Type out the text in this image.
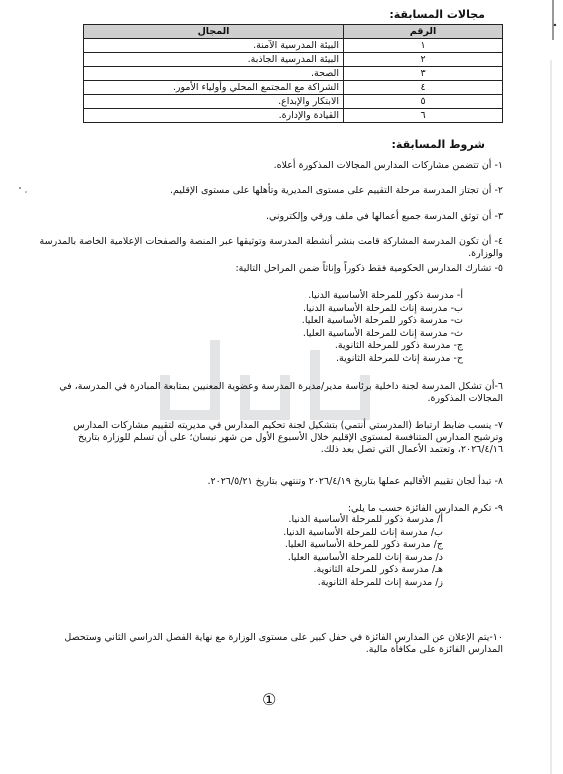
مجالات المسابقة:
الرقم	المجال
١	البيئة المدرسية الآمنة.
٢	البيئة المدرسية الجاذبة.
٣	الصحة.
٤	الشراكة مع المجتمع المحلي وأولياء الأمور.
٥	الابتكار والإبداع.
٦	القيادة والإدارة.
شروط المسابقة:
١- أن تتضمن مشاركات المدارس المجالات المذكورة أعلاه.
٢- أن تجتاز المدرسة مرحلة التقييم على مستوى المديرية وتأهلها على مستوى الإقليم.
٣- أن توثق المدرسة جميع أعمالها في ملف ورقي وإلكتروني.
٤- أن تكون المدرسة المشاركة قامت بنشر أنشطة المدرسة وتوثيقها عبر المنصة والصفحات الإعلامية الخاصة بالمدرسة والوزارة.
٥- تشارك المدارس الحكومية فقط ذكوراً وإناثاً ضمن المراحل التالية:
أ- مدرسة ذكور للمرحلة الأساسية الدنيا.
ب- مدرسة إناث للمرحلة الأساسية الدنيا.
ت- مدرسة ذكور للمرحلة الأساسية العليا.
ث- مدرسة إناث للمرحلة الأساسية العليا.
ج- مدرسة ذكور للمرحلة الثانوية.
ح- مدرسة إناث للمرحلة الثانوية.
٦-أن تشكل المدرسة لجنة داخلية برئاسة مدير/مديرة المدرسة وعضوية المعنيين بمتابعة المبادرة في المدرسة، في المجالات المذكورة.
٧- ينسب ضابط ارتباط (المدرستي أنتمي) بتشكيل لجنة تحكيم المدارس في مديريته لتقييم مشاركات المدارس وترشيح المدارس المتنافسة لمستوى الإقليم خلال الأسبوع الأول من شهر نيسان؛ على أن تسلم للوزارة بتاريخ ٢٠٢٦/٤/١٦، وتعتمد الأعمال التي تصل بعد ذلك.
٨- تبدأ لجان تقييم الأقاليم عملها بتاريخ ٢٠٢٦/٤/١٩ وتنتهي بتاريخ ٢٠٢٦/٥/٢١.
٩- تكرم المدارس الفائزة حسب ما يلي:
أ/ مدرسة ذكور للمرحلة الأساسية الدنيا.
ب/ مدرسة إناث للمرحلة الأساسية الدنيا.
ج/ مدرسة ذكور للمرحلة الأساسية العليا.
د/ مدرسة إناث للمرحلة الأساسية العليا.
هـ/ مدرسة ذكور للمرحلة الثانوية.
ز/ مدرسة إناث للمرحلة الثانوية.
١٠-يتم الإعلان عن المدارس الفائزة في حفل كبير على مستوى الوزارة مع نهاية الفصل الدراسي الثاني وستحصل المدارس الفائزة على مكافأة مالية.
①
